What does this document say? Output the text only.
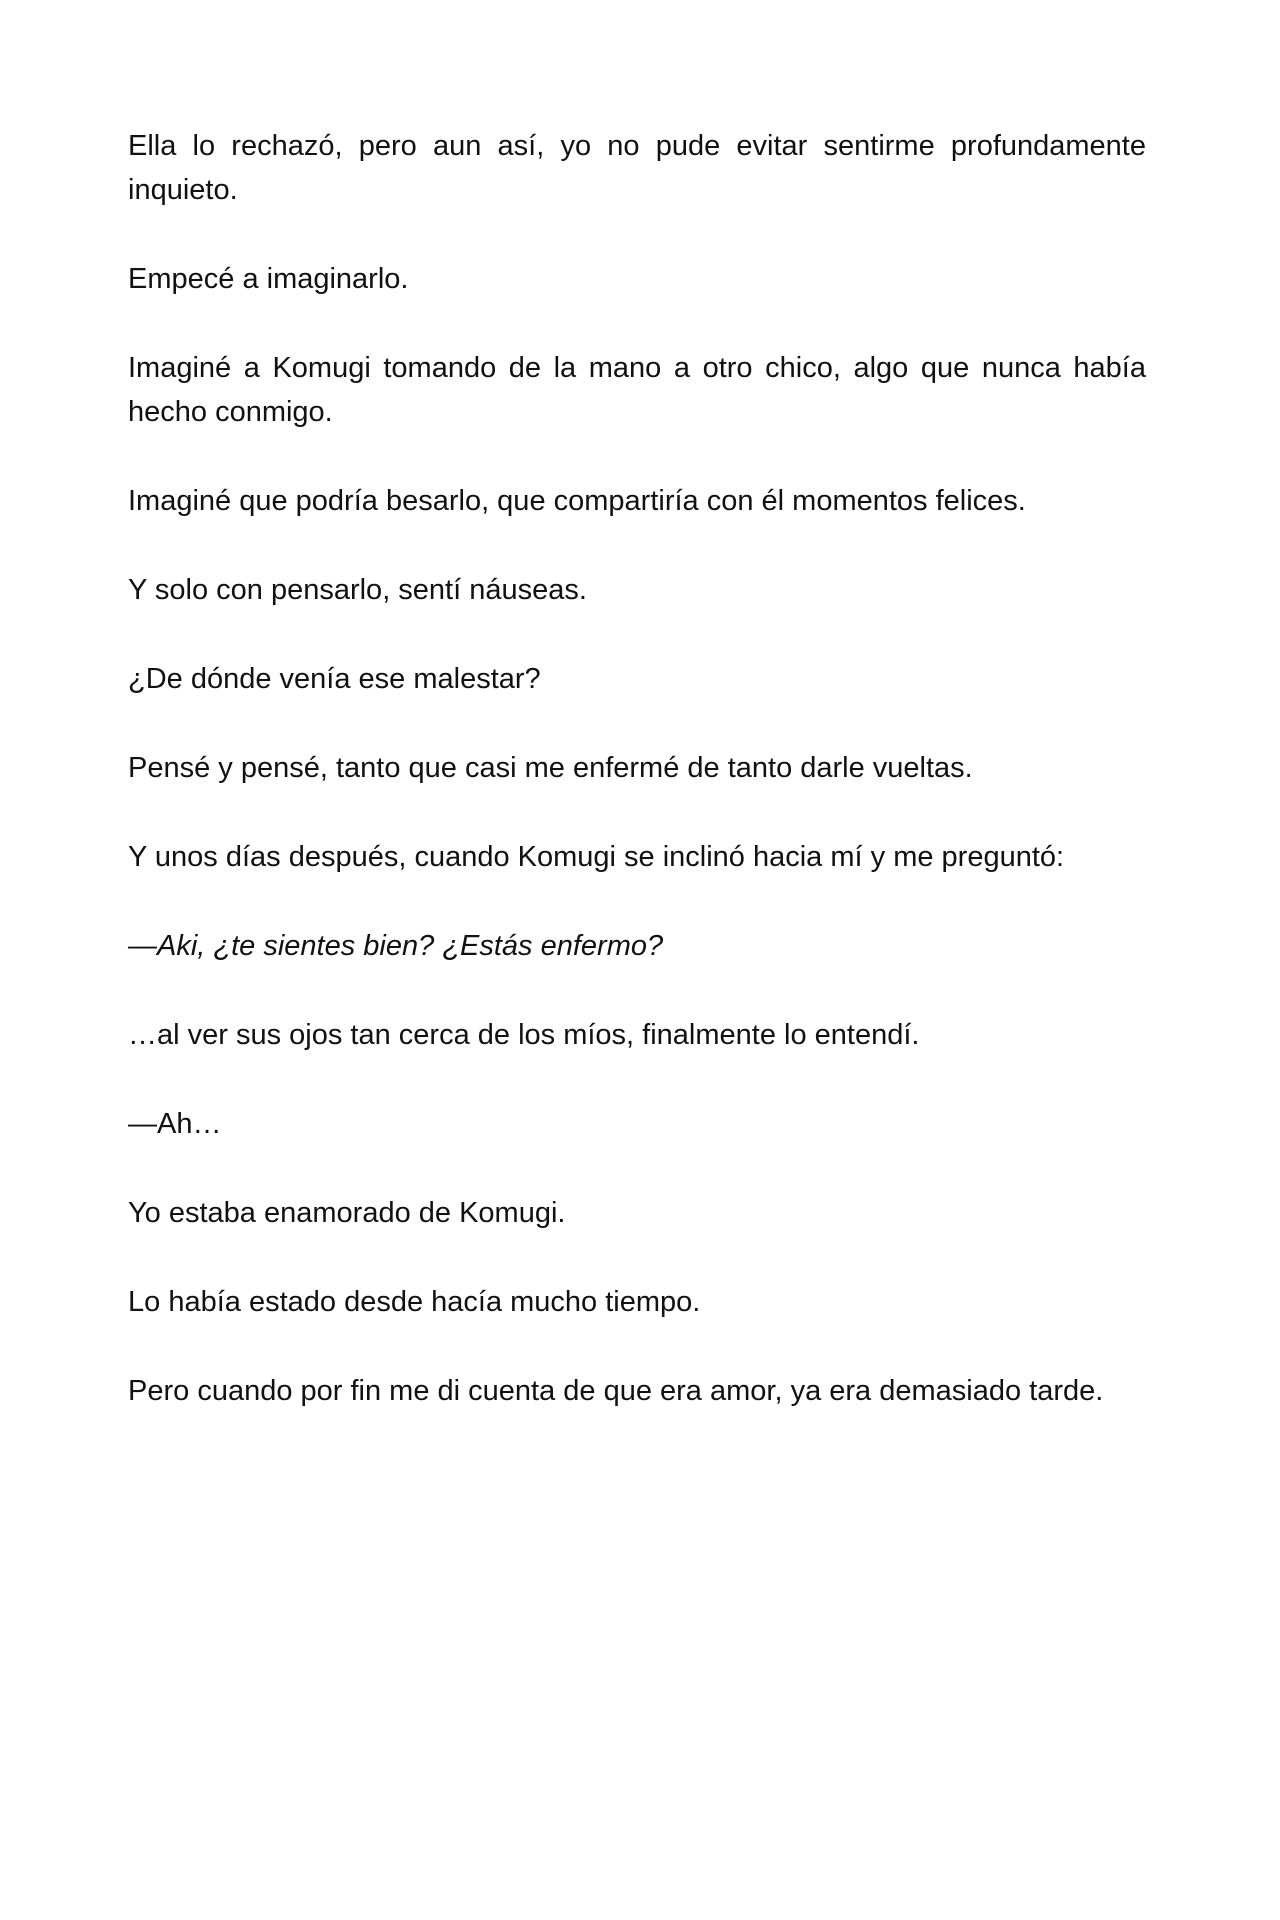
Ella lo rechazó, pero aun así, yo no pude evitar sentirme profundamente inquieto.

Empecé a imaginarlo.

Imaginé a Komugi tomando de la mano a otro chico, algo que nunca había hecho conmigo.

Imaginé que podría besarlo, que compartiría con él momentos felices.

Y solo con pensarlo, sentí náuseas.

¿De dónde venía ese malestar?

Pensé y pensé, tanto que casi me enfermé de tanto darle vueltas.

Y unos días después, cuando Komugi se inclinó hacia mí y me preguntó:

—Aki, ¿te sientes bien? ¿Estás enfermo?

…al ver sus ojos tan cerca de los míos, finalmente lo entendí.

—Ah…

Yo estaba enamorado de Komugi.

Lo había estado desde hacía mucho tiempo.

Pero cuando por fin me di cuenta de que era amor, ya era demasiado tarde.
